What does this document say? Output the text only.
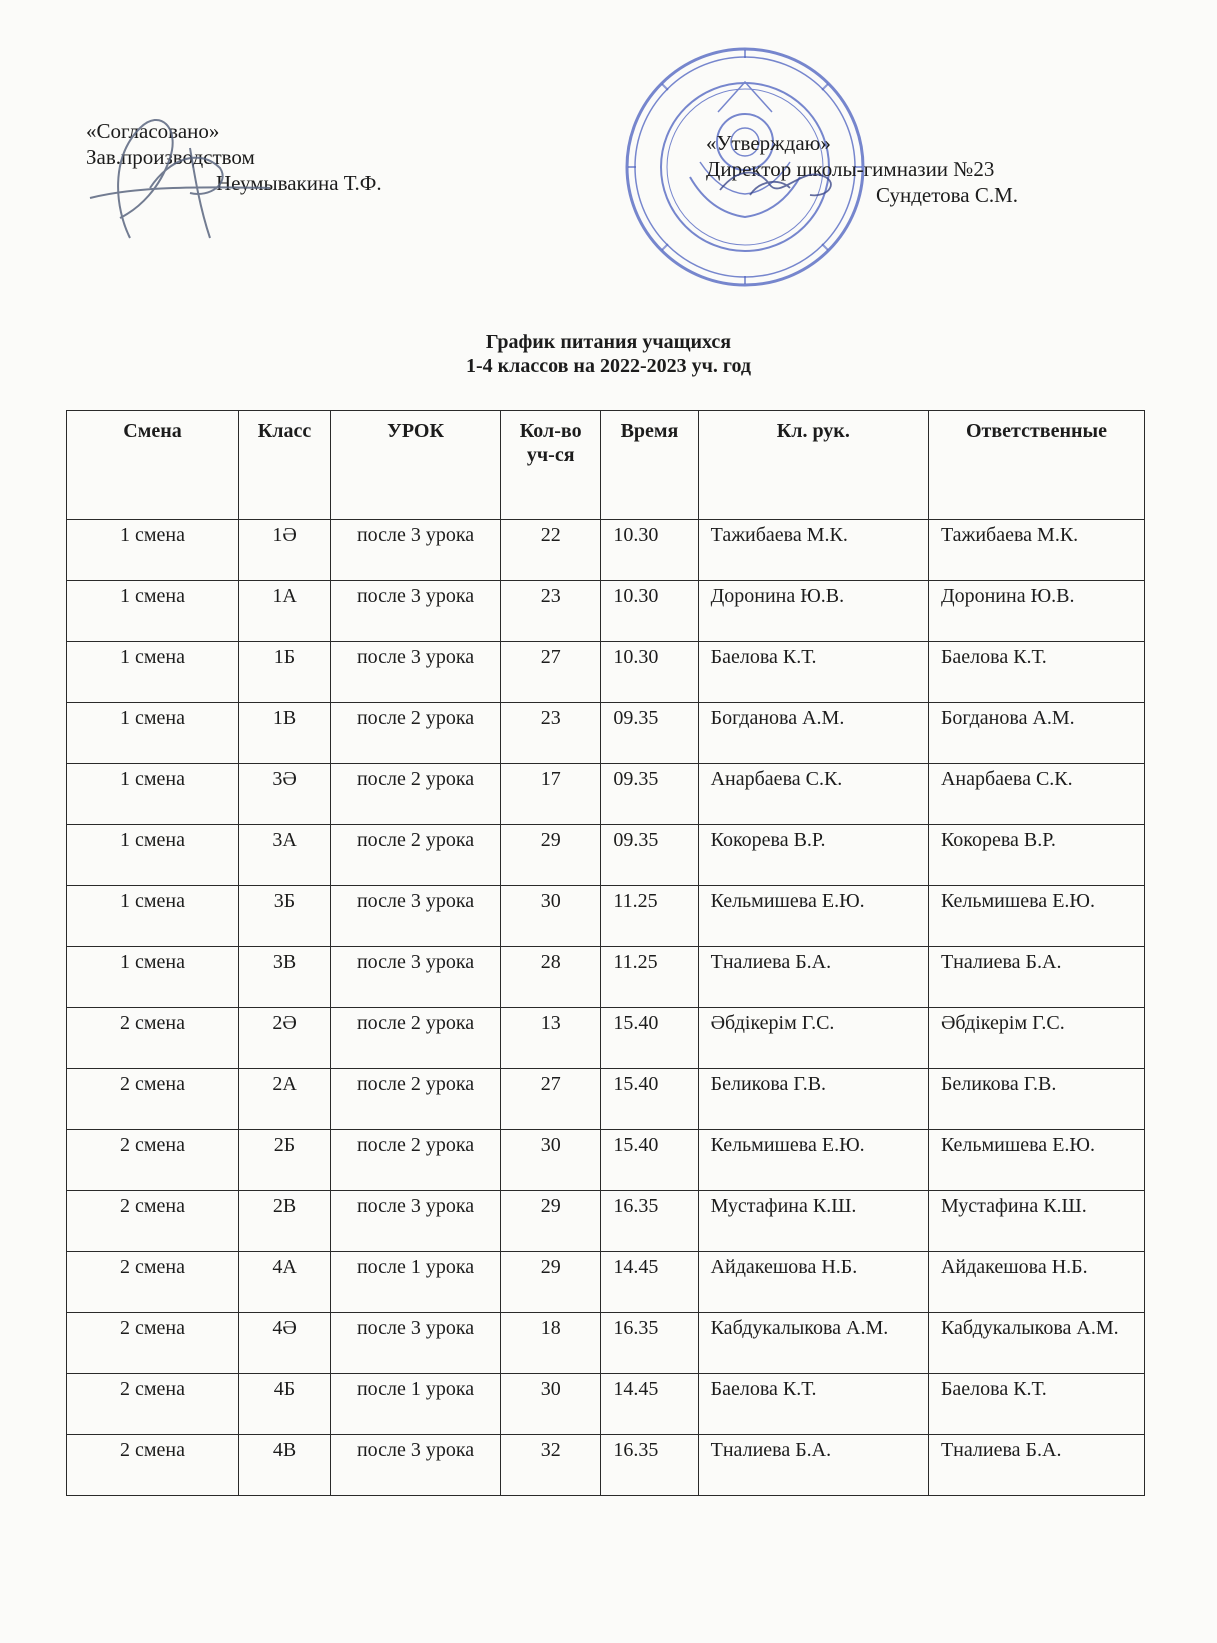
«Согласовано»
Зав.производством
Неумывакина Т.Ф.
«Утверждаю»
Директор школы-гимназии №23
Сундетова С.М.
График питания учащихся
1-4 классов на 2022-2023 уч. год
Смена	Класс	УРОК	Кол-во уч-ся	Время	Кл. рук.	Ответственные
1 смена	1Ә	после 3 урока	22	10.30	Тажибаева М.К.	Тажибаева М.К.
1 смена	1А	после 3 урока	23	10.30	Доронина Ю.В.	Доронина Ю.В.
1 смена	1Б	после 3 урока	27	10.30	Баелова К.Т.	Баелова К.Т.
1 смена	1В	после 2 урока	23	09.35	Богданова А.М.	Богданова А.М.
1 смена	3Ә	после 2 урока	17	09.35	Анарбаева С.К.	Анарбаева С.К.
1 смена	3А	после 2 урока	29	09.35	Кокорева В.Р.	Кокорева В.Р.
1 смена	3Б	после 3 урока	30	11.25	Кельмишева Е.Ю.	Кельмишева Е.Ю.
1 смена	3В	после 3 урока	28	11.25	Тналиева Б.А.	Тналиева Б.А.
2 смена	2Ә	после 2 урока	13	15.40	Әбдікерім Г.С.	Әбдікерім Г.С.
2 смена	2А	после 2 урока	27	15.40	Беликова Г.В.	Беликова Г.В.
2 смена	2Б	после 2 урока	30	15.40	Кельмишева Е.Ю.	Кельмишева Е.Ю.
2 смена	2В	после 3 урока	29	16.35	Мустафина К.Ш.	Мустафина К.Ш.
2 смена	4А	после 1 урока	29	14.45	Айдакешова Н.Б.	Айдакешова Н.Б.
2 смена	4Ә	после 3 урока	18	16.35	Кабдукалыкова А.М.	Кабдукалыкова А.М.
2 смена	4Б	после 1 урока	30	14.45	Баелова К.Т.	Баелова К.Т.
2 смена	4В	после 3 урока	32	16.35	Тналиева Б.А.	Тналиева Б.А.
